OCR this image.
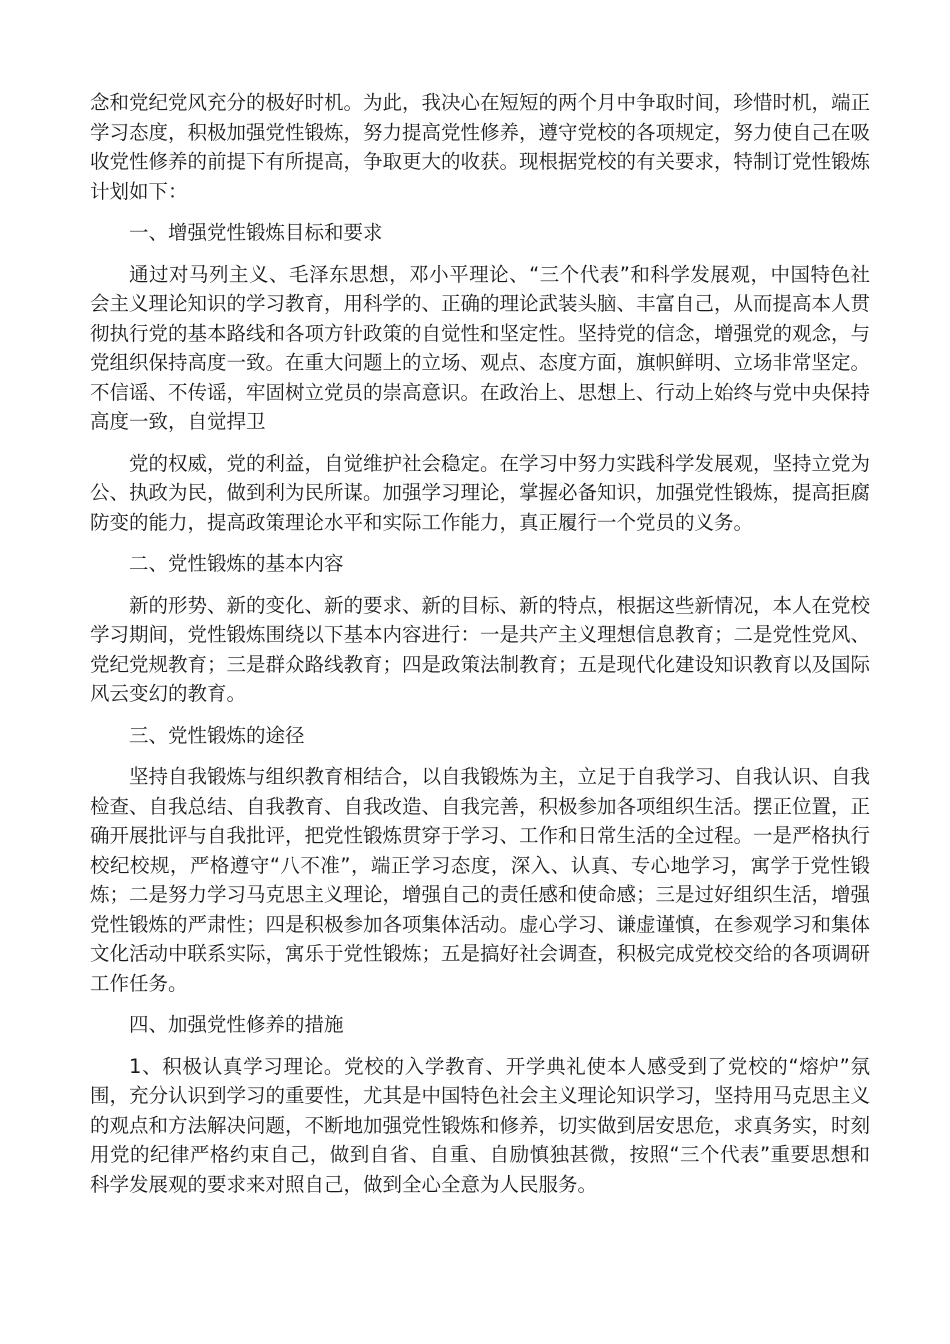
念和党纪党风充分的极好时机。为此，我决心在短短的两个月中争取时间，珍惜时机，端正学习态度，积极加强党性锻炼，努力提高党性修养，遵守党校的各项规定，努力使自己在吸收党性修养的前提下有所提高，争取更大的收获。现根据党校的有关要求，特制订党性锻炼计划如下：

一、增强党性锻炼目标和要求

通过对马列主义、毛泽东思想，邓小平理论、“三个代表”和科学发展观，中国特色社会主义理论知识的学习教育，用科学的、正确的理论武装头脑、丰富自己，从而提高本人贯彻执行党的基本路线和各项方针政策的自觉性和坚定性。坚持党的信念，增强党的观念，与党组织保持高度一致。在重大问题上的立场、观点、态度方面，旗帜鲜明、立场非常坚定。不信谣、不传谣，牢固树立党员的崇高意识。在政治上、思想上、行动上始终与党中央保持高度一致，自觉捍卫

党的权威，党的利益，自觉维护社会稳定。在学习中努力实践科学发展观，坚持立党为公、执政为民，做到利为民所谋。加强学习理论，掌握必备知识，加强党性锻炼，提高拒腐防变的能力，提高政策理论水平和实际工作能力，真正履行一个党员的义务。

二、党性锻炼的基本内容

新的形势、新的变化、新的要求、新的目标、新的特点，根据这些新情况，本人在党校学习期间，党性锻炼围绕以下基本内容进行：一是共产主义理想信息教育；二是党性党风、党纪党规教育；三是群众路线教育；四是政策法制教育；五是现代化建设知识教育以及国际风云变幻的教育。

三、党性锻炼的途径

坚持自我锻炼与组织教育相结合，以自我锻炼为主，立足于自我学习、自我认识、自我检查、自我总结、自我教育、自我改造、自我完善，积极参加各项组织生活。摆正位置，正确开展批评与自我批评，把党性锻炼贯穿于学习、工作和日常生活的全过程。一是严格执行校纪校规，严格遵守“八不准”，端正学习态度，深入、认真、专心地学习，寓学于党性锻炼；二是努力学习马克思主义理论，增强自己的责任感和使命感；三是过好组织生活，增强党性锻炼的严肃性；四是积极参加各项集体活动。虚心学习、谦虚谨慎，在参观学习和集体文化活动中联系实际，寓乐于党性锻炼；五是搞好社会调查，积极完成党校交给的各项调研工作任务。

四、加强党性修养的措施

1、积极认真学习理论。党校的入学教育、开学典礼使本人感受到了党校的“熔炉”氛围，充分认识到学习的重要性，尤其是中国特色社会主义理论知识学习，坚持用马克思主义的观点和方法解决问题，不断地加强党性锻炼和修养，切实做到居安思危，求真务实，时刻用党的纪律严格约束自己，做到自省、自重、自励慎独甚微，按照“三个代表”重要思想和科学发展观的要求来对照自己，做到全心全意为人民服务。
